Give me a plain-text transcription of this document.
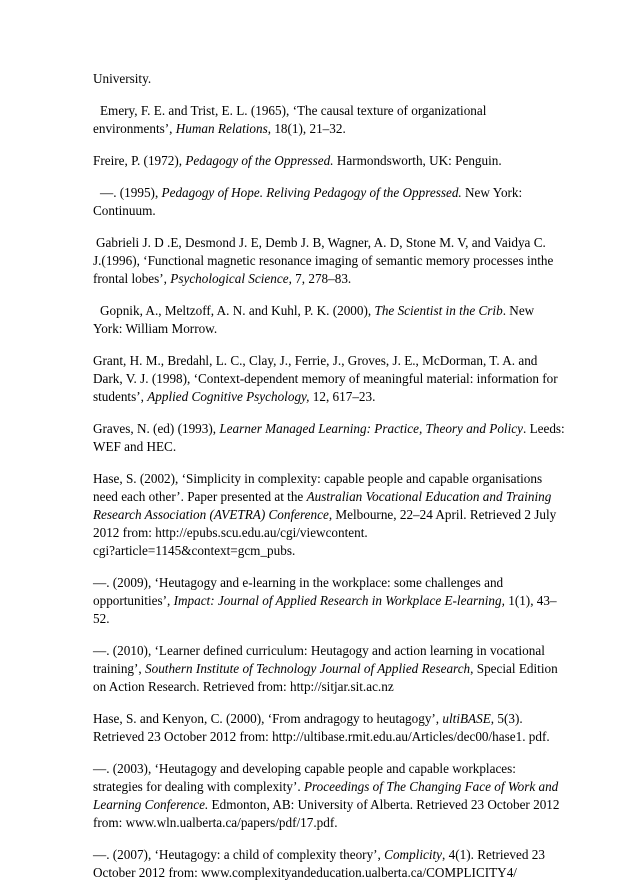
University.
Emery, F. E. and Trist, E. L. (1965), ‘The causal texture of organizational
environments’, Human Relations, 18(1), 21–32.
Freire, P. (1972), Pedagogy of the Oppressed. Harmondsworth, UK: Penguin.
—. (1995), Pedagogy of Hope. Reliving Pedagogy of the Oppressed. New York:
Continuum.
Gabrieli J. D .E, Desmond J. E, Demb J. B, Wagner, A. D, Stone M. V, and Vaidya C.
J.(1996), ‘Functional magnetic resonance imaging of semantic memory processes inthe
frontal lobes’, Psychological Science, 7, 278–83.
Gopnik, A., Meltzoff, A. N. and Kuhl, P. K. (2000), The Scientist in the Crib. New
York: William Morrow.
Grant, H. M., Bredahl, L. C., Clay, J., Ferrie, J., Groves, J. E., McDorman, T. A. and
Dark, V. J. (1998), ‘Context-dependent memory of meaningful material: information for
students’, Applied Cognitive Psychology, 12, 617–23.
Graves, N. (ed) (1993), Learner Managed Learning: Practice, Theory and Policy. Leeds:
WEF and HEC.
Hase, S. (2002), ‘Simplicity in complexity: capable people and capable organisations
need each other’. Paper presented at the Australian Vocational Education and Training
Research Association (AVETRA) Conference, Melbourne, 22–24 April. Retrieved 2 July
2012 from: http://epubs.scu.edu.au/cgi/viewcontent.
cgi?article=1145&context=gcm_pubs.
—. (2009), ‘Heutagogy and e-learning in the workplace: some challenges and
opportunities’, Impact: Journal of Applied Research in Workplace E-learning, 1(1), 43–
52.
—. (2010), ‘Learner defined curriculum: Heutagogy and action learning in vocational
training’, Southern Institute of Technology Journal of Applied Research, Special Edition
on Action Research. Retrieved from: http://sitjar.sit.ac.nz
Hase, S. and Kenyon, C. (2000), ‘From andragogy to heutagogy’, ultiBASE, 5(3).
Retrieved 23 October 2012 from: http://ultibase.rmit.edu.au/Articles/dec00/hase1. pdf.
—. (2003), ‘Heutagogy and developing capable people and capable workplaces:
strategies for dealing with complexity’. Proceedings of The Changing Face of Work and
Learning Conference. Edmonton, AB: University of Alberta. Retrieved 23 October 2012
from: www.wln.ualberta.ca/papers/pdf/17.pdf.
—. (2007), ‘Heutagogy: a child of complexity theory’, Complicity, 4(1). Retrieved 23
October 2012 from: www.complexityandeducation.ualberta.ca/COMPLICITY4/
